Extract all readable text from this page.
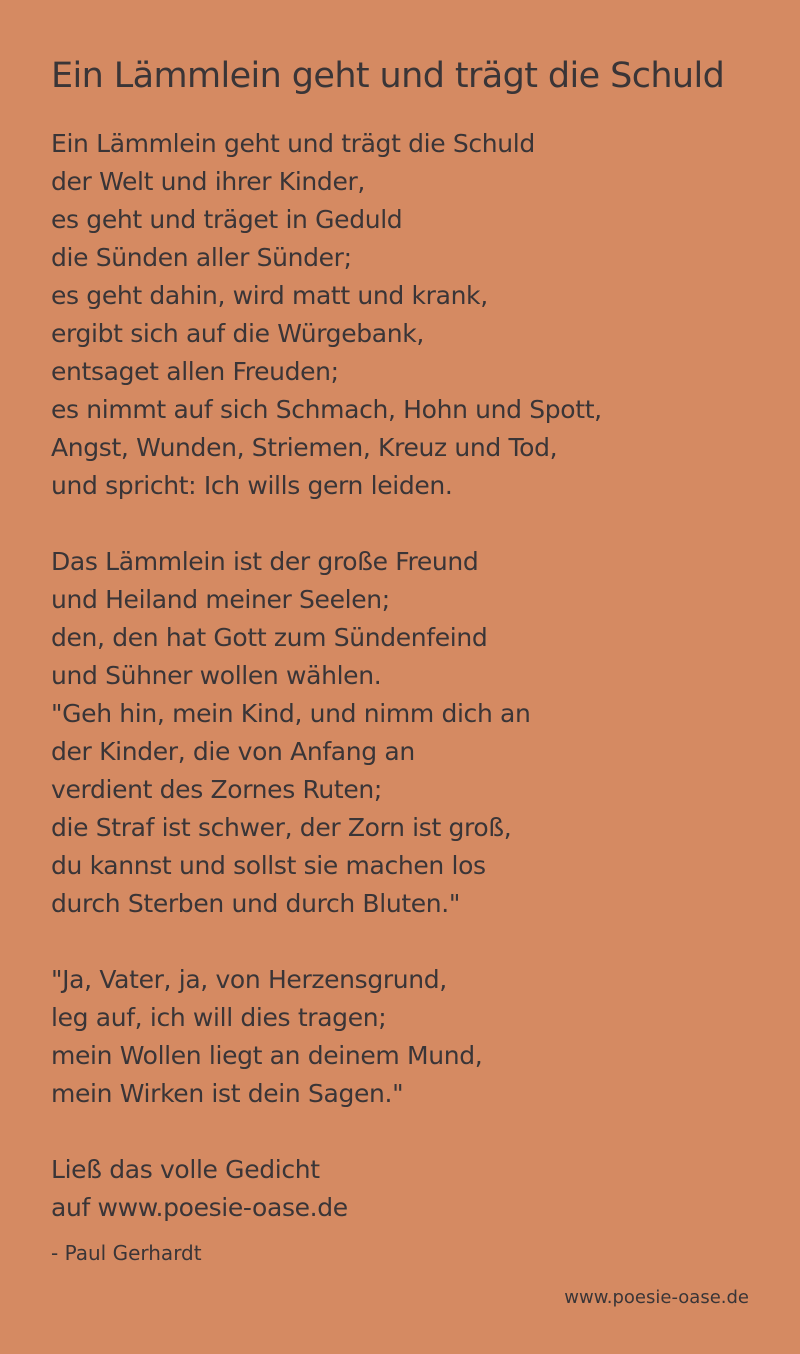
Ein Lämmlein geht und trägt die Schuld
Ein Lämmlein geht und trägt die Schuld
der Welt und ihrer Kinder,
es geht und träget in Geduld
die Sünden aller Sünder;
es geht dahin, wird matt und krank,
ergibt sich auf die Würgebank,
entsaget allen Freuden;
es nimmt auf sich Schmach, Hohn und Spott,
Angst, Wunden, Striemen, Kreuz und Tod,
und spricht: Ich wills gern leiden.
Das Lämmlein ist der große Freund
und Heiland meiner Seelen;
den, den hat Gott zum Sündenfeind
und Sühner wollen wählen.
"Geh hin, mein Kind, und nimm dich an
der Kinder, die von Anfang an
verdient des Zornes Ruten;
die Straf ist schwer, der Zorn ist groß,
du kannst und sollst sie machen los
durch Sterben und durch Bluten."
"Ja, Vater, ja, von Herzensgrund,
leg auf, ich will dies tragen;
mein Wollen liegt an deinem Mund,
mein Wirken ist dein Sagen."
Ließ das volle Gedicht
auf www.poesie-oase.de
- Paul Gerhardt
www.poesie-oase.de
